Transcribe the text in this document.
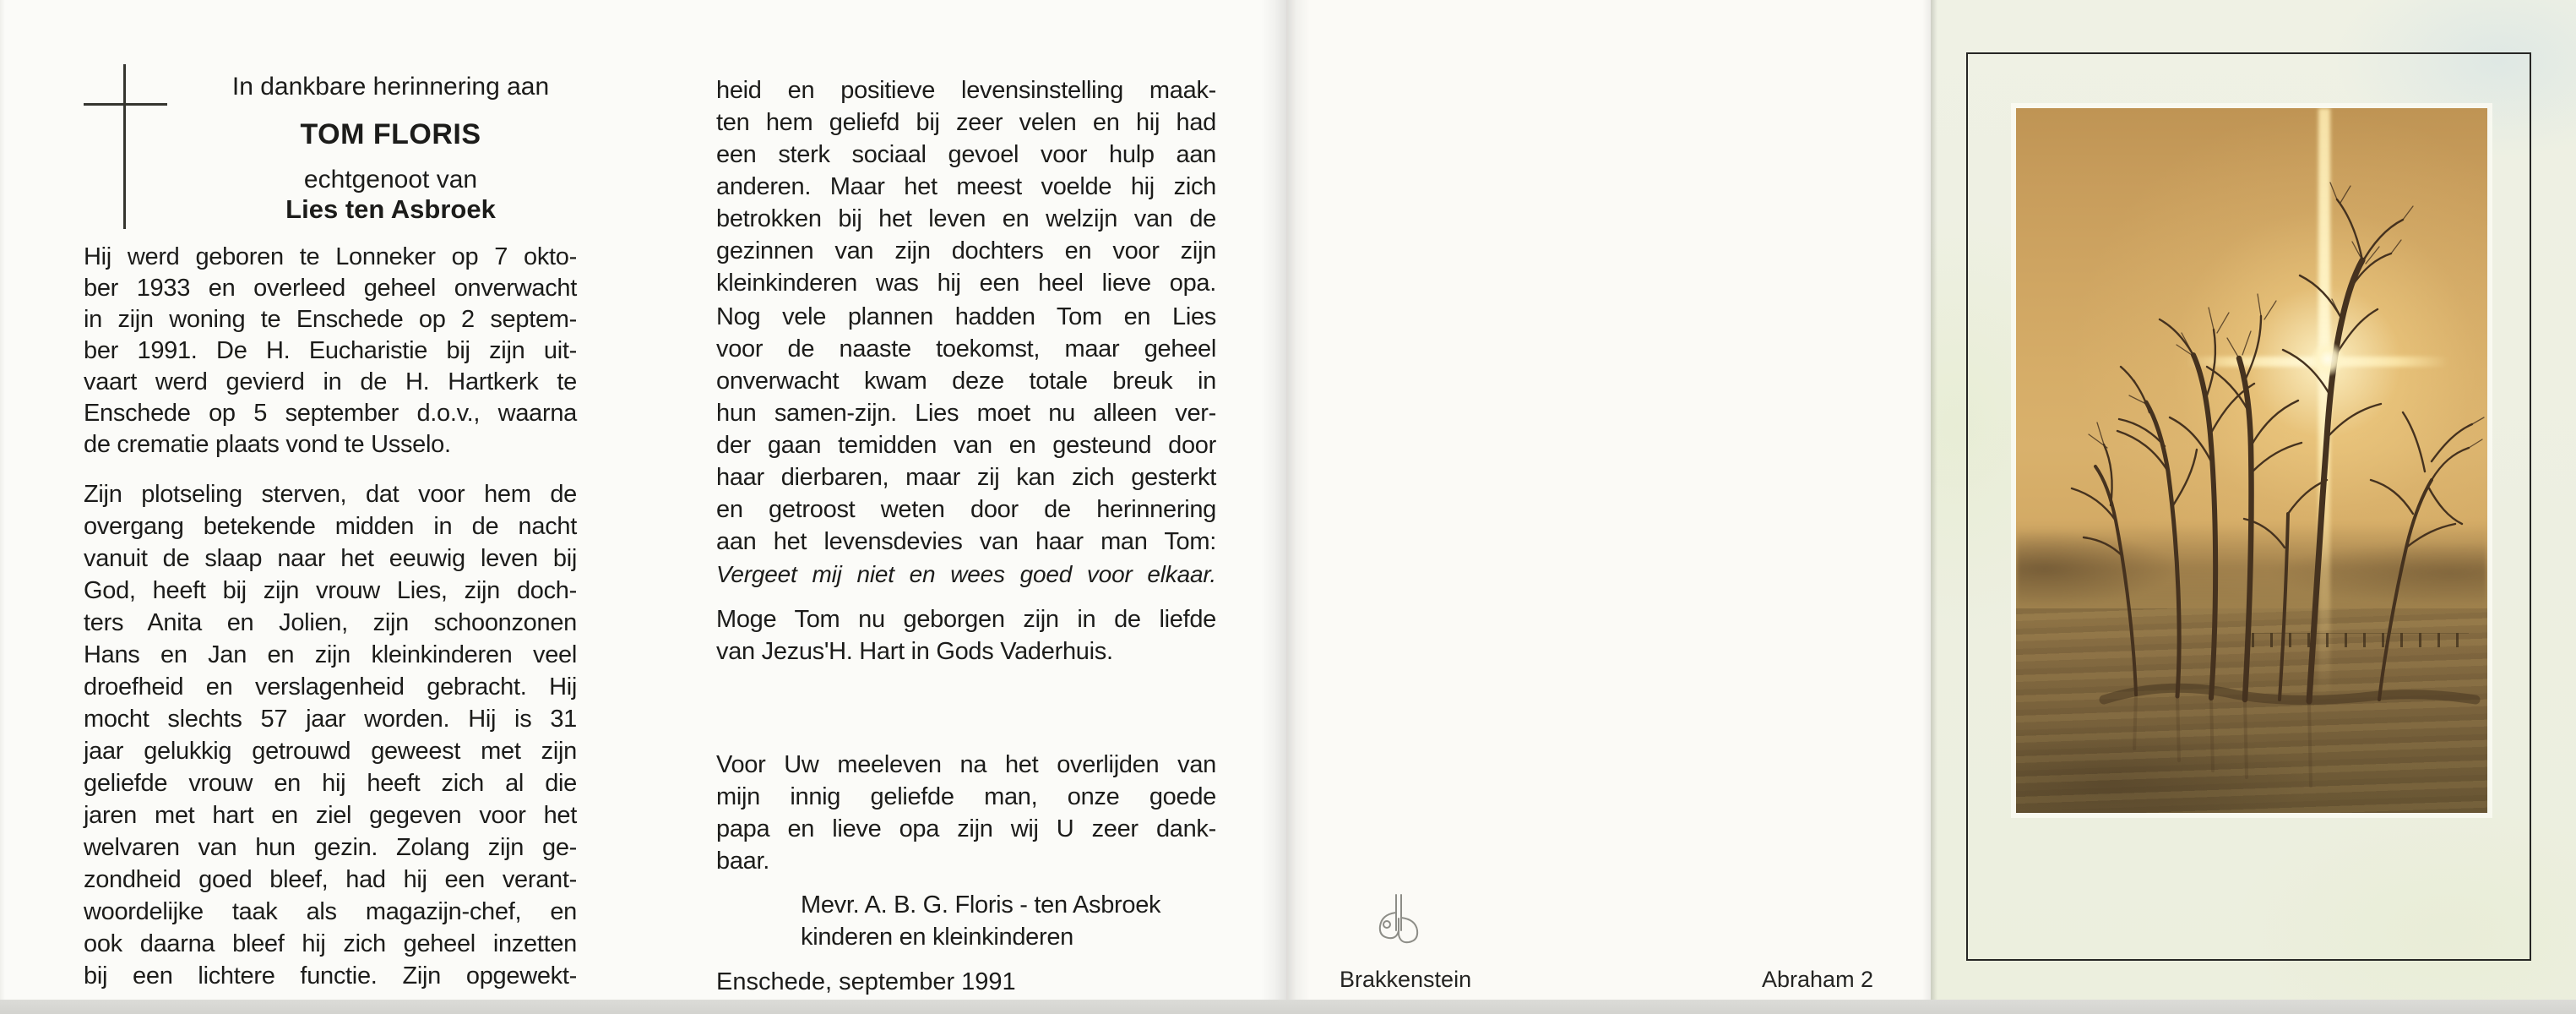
In dankbare herinnering aan
TOM FLORIS
echtgenoot van
Lies ten Asbroek
Hij werd geboren te Lonneker op 7 okto-
ber 1933 en overleed geheel onverwacht
in zijn woning te Enschede op 2 septem-
ber 1991. De H. Eucharistie bij zijn uit-
vaart werd gevierd in de H. Hartkerk te
Enschede op 5 september d.o.v., waarna
de crematie plaats vond te Usselo.
Zijn plotseling sterven, dat voor hem de
overgang betekende midden in de nacht
vanuit de slaap naar het eeuwig leven bij
God, heeft bij zijn vrouw Lies, zijn doch-
ters Anita en Jolien, zijn schoonzonen
Hans en Jan en zijn kleinkinderen veel
droefheid en verslagenheid gebracht. Hij
mocht slechts 57 jaar worden. Hij is 31
jaar gelukkig getrouwd geweest met zijn
geliefde vrouw en hij heeft zich al die
jaren met hart en ziel gegeven voor het
welvaren van hun gezin. Zolang zijn ge-
zondheid goed bleef, had hij een verant-
woordelijke taak als magazijn-chef, en
ook daarna bleef hij zich geheel inzetten
bij een lichtere functie. Zijn opgewekt-
heid en positieve levensinstelling maak-
ten hem geliefd bij zeer velen en hij had
een sterk sociaal gevoel voor hulp aan
anderen. Maar het meest voelde hij zich
betrokken bij het leven en welzijn van de
gezinnen van zijn dochters en voor zijn
kleinkinderen was hij een heel lieve opa.
Nog vele plannen hadden Tom en Lies
voor de naaste toekomst, maar geheel
onverwacht kwam deze totale breuk in
hun samen-zijn. Lies moet nu alleen ver-
der gaan temidden van en gesteund door
haar dierbaren, maar zij kan zich gesterkt
en getroost weten door de herinnering
aan het levensdevies van haar man Tom:
Vergeet mij niet en wees goed voor elkaar.
Moge Tom nu geborgen zijn in de liefde
van Jezus'H. Hart in Gods Vaderhuis.
Voor Uw meeleven na het overlijden van
mijn innig geliefde man, onze goede
papa en lieve opa zijn wij U zeer dank-
baar.
Mevr. A. B. G. Floris - ten Asbroek
kinderen en kleinkinderen
Enschede, september 1991	Brakkenstein	Abraham 2
